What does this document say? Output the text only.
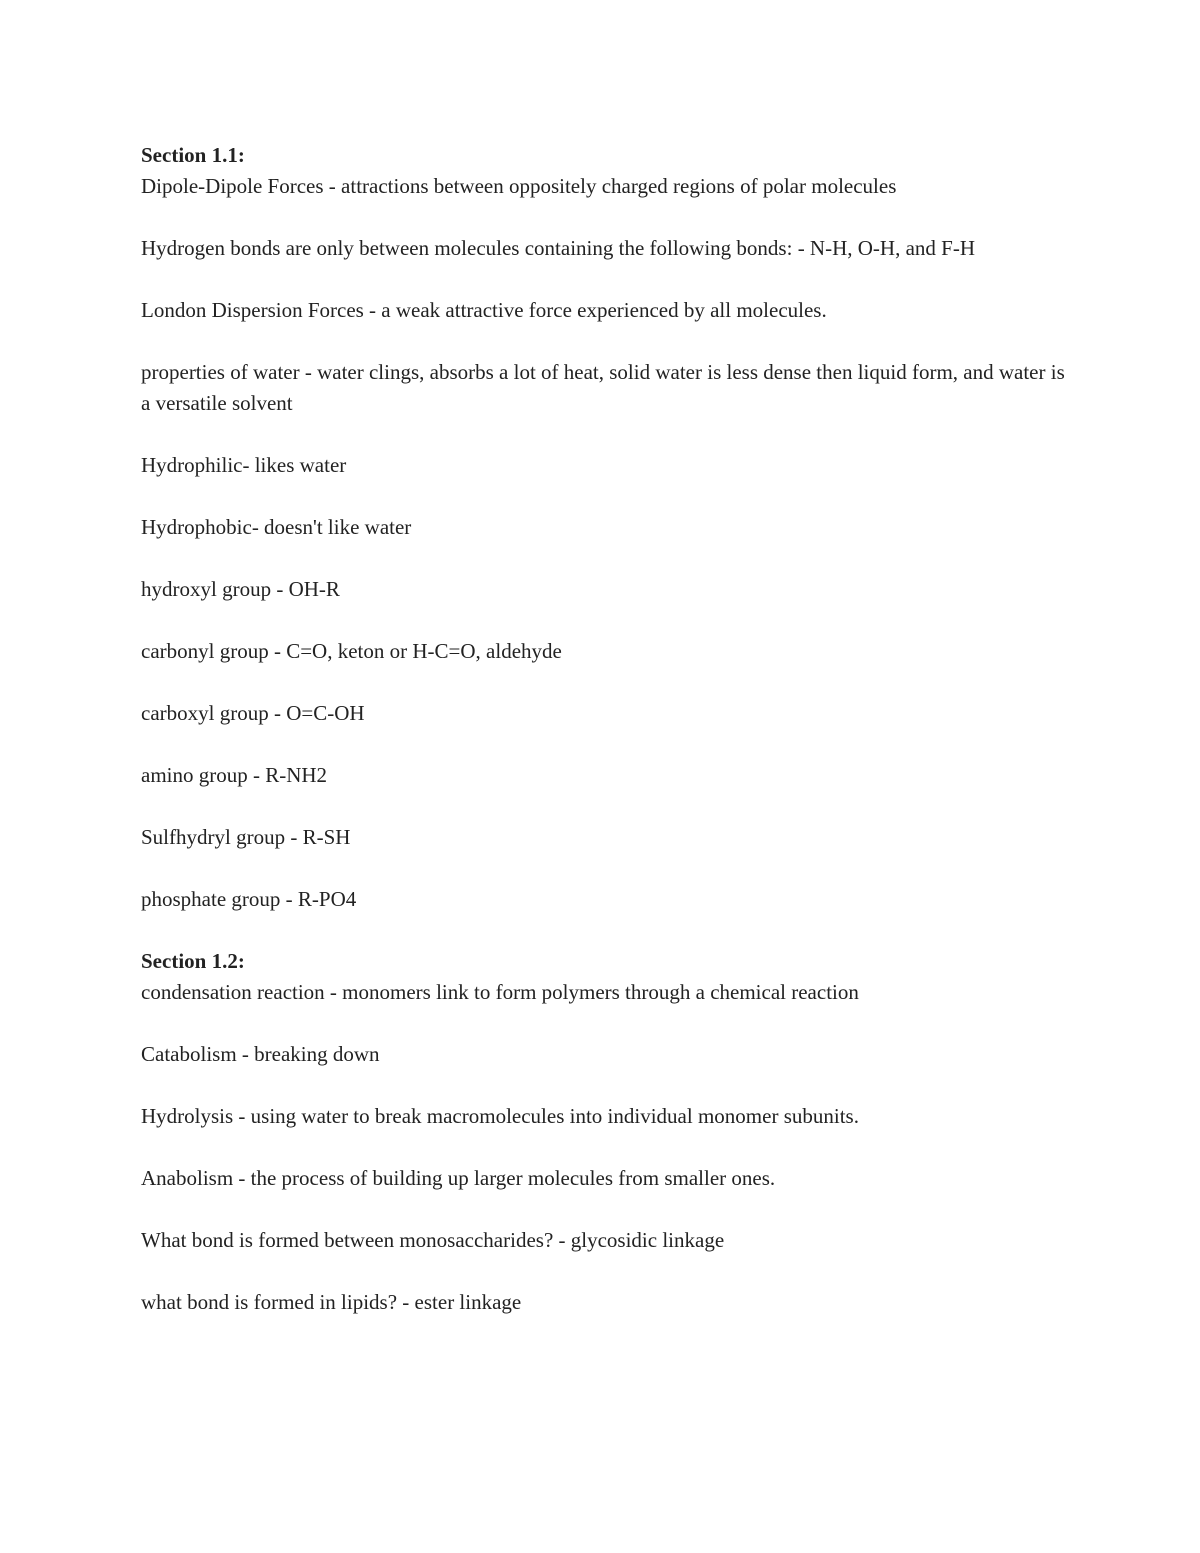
Section 1.1:

Dipole-Dipole Forces - attractions between oppositely charged regions of polar molecules

Hydrogen bonds are only between molecules containing the following bonds: - N-H, O-H, and F-H

London Dispersion Forces - a weak attractive force experienced by all molecules.

properties of water - water clings, absorbs a lot of heat, solid water is less dense then liquid form, and water is a versatile solvent

Hydrophilic- likes water

Hydrophobic- doesn't like water

hydroxyl group - OH-R

carbonyl group - C=O, keton or H-C=O, aldehyde

carboxyl group - O=C-OH

amino group - R-NH2

Sulfhydryl group - R-SH

phosphate group - R-PO4

Section 1.2:

condensation reaction - monomers link to form polymers through a chemical reaction

Catabolism - breaking down

Hydrolysis - using water to break macromolecules into individual monomer subunits.

Anabolism - the process of building up larger molecules from smaller ones.

What bond is formed between monosaccharides? - glycosidic linkage

what bond is formed in lipids? - ester linkage
